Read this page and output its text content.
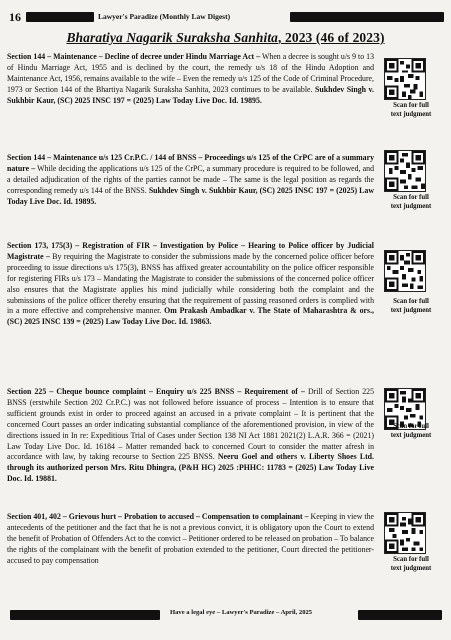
16	Lawyer's Paradize (Monthly Law Digest)
Bharatiya Nagarik Suraksha Sanhita, 2023 (46 of 2023)
Section 144 – Maintenance – Decline of decree under Hindu Marriage Act – When a decree is sought u/s 9 to 13 of Hindu Marriage Act, 1955 and is declined by the court, the remedy u/s 18 of the Hindu Adoption and Maintenance Act, 1956, remains available to the wife – Even the remedy u/s 125 of the Code of Criminal Procedure, 1973 or Section 144 of the Bhartiya Nagarik Suraksha Sanhita, 2023 continues to be available. Sukhdev Singh v. Sukhbir Kaur, (SC) 2025 INSC 197 = (2025) Law Today Live Doc. Id. 19895.
Scan for full
text judgment
Section 144 – Maintenance u/s 125 Cr.P.C. / 144 of BNSS – Proceedings u/s 125 of the CrPC are of a summary nature – While deciding the applications u/s 125 of the CrPC, a summary procedure is required to be followed, and a detailed adjudication of the rights of the parties cannot be made – The same is the legal position as regards the corresponding remedy u/s 144 of the BNSS. Sukhdev Singh v. Sukhbir Kaur, (SC) 2025 INSC 197 = (2025) Law Today Live Doc. Id. 19895.	Scan for full
text judgment
Section 173, 175(3) – Registration of FIR – Investigation by Police – Hearing to Police officer by Judicial Magistrate – By requiring the Magistrate to consider the submissions made by the concerned police officer before proceeding to issue directions u/s 175(3), BNSS has affixed greater accountability on the police officer responsible for registering FIRs u/s 173 – Mandating the Magistrate to consider the submissions of the concerned police officer also ensures that the Magistrate applies his mind judicially while considering both the complaint and the submissions of the police officer thereby ensuring that the requirement of passing reasoned orders is complied with in a more effective and comprehensive manner. Om Prakash Ambadkar v. The State of Maharashtra & ors., (SC) 2025 INSC 139 = (2025) Law Today Live Doc. Id. 19863.
Scan for full
text judgment
Section 225 – Cheque bounce complaint – Enquiry u/s 225 BNSS – Requirement of – Drill of Section 225 BNSS (erstwhile Section 202 Cr.P.C.) was not followed before issuance of process – Intention is to ensure that sufficient grounds exist in order to proceed against an accused in a private complaint – It is pertinent that the concerned Court passes an order indicating substantial compliance of the aforementioned provision, in view of the directions issued in In re: Expeditious Trial of Cases under Section 138 NI Act 1881 2021(2) L.A.R. 366 = (2021) Law Today Live Doc. Id. 16184 – Matter remanded back to concerned Court to consider the matter afresh in accordance with law, by taking recourse to Section 225 BNSS. Neeru Goel and others v. Liberty Shoes Ltd. through its authorized person Mrs. Ritu Dhingra, (P&H HC) 2025 :PHHC: 11783 = (2025) Law Today Live Doc. Id. 19881.
Scan for full
text judgment
Section 401, 402 – Grievous hurt – Probation to accused – Compensation to complainant – Keeping in view the antecedents of the petitioner and the fact that he is not a previous convict, it is obligatory upon the Court to extend the benefit of Probation of Offenders Act to the convict – Petitioner ordered to be released on probation – To balance the rights of the complainant with the benefit of probation extended to the petitioner, Court directed the petitioner-accused to pay compensation	Scan for full
text judgment
Have a legal eye – Lawyer's Paradize – April, 2025
